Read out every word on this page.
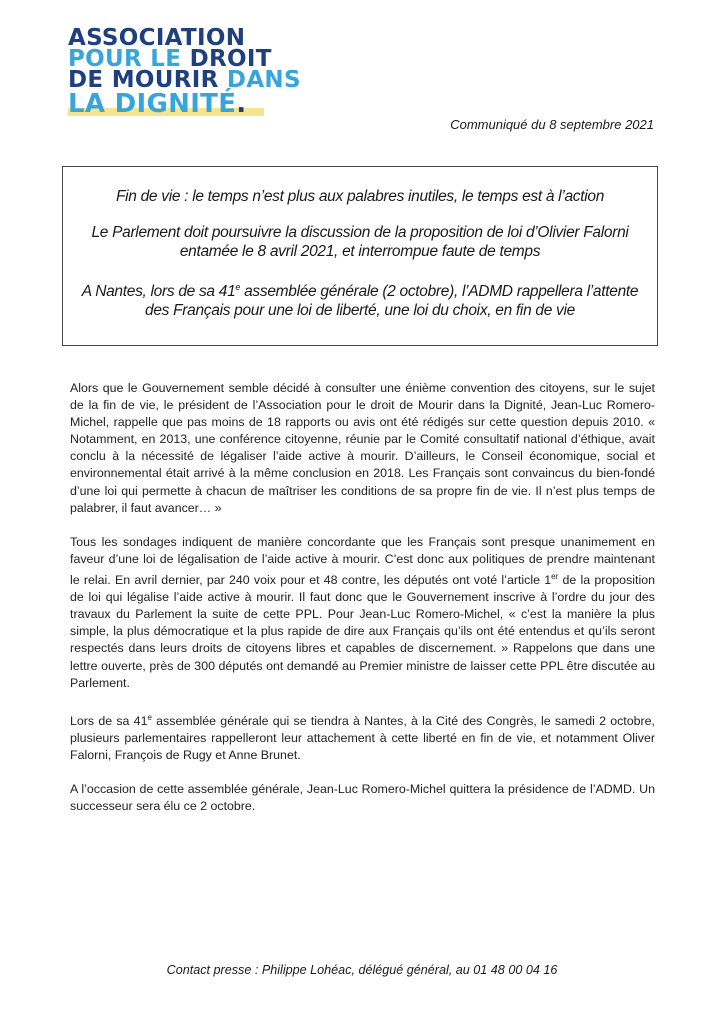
ASSOCIATION
POUR LE DROIT
DE MOURIR DANS
LA DIGNITÉ.
Communiqué du 8 septembre 2021

Fin de vie : le temps n’est plus aux palabres inutiles, le temps est à l’action

Le Parlement doit poursuivre la discussion de la proposition de loi d’Olivier Falorni entamée le 8 avril 2021, et interrompue faute de temps

A Nantes, lors de sa 41e assemblée générale (2 octobre), l’ADMD rappellera l’attente des Français pour une loi de liberté, une loi du choix, en fin de vie

Alors que le Gouvernement semble décidé à consulter une énième convention des citoyens, sur le sujet de la fin de vie, le président de l’Association pour le droit de Mourir dans la Dignité, Jean-Luc Romero-Michel, rappelle que pas moins de 18 rapports ou avis ont été rédigés sur cette question depuis 2010. « Notamment, en 2013, une conférence citoyenne, réunie par le Comité consultatif national d’éthique, avait conclu à la nécessité de légaliser l’aide active à mourir. D’ailleurs, le Conseil économique, social et environnemental était arrivé à la même conclusion en 2018. Les Français sont convaincus du bien-fondé d’une loi qui permette à chacun de maîtriser les conditions de sa propre fin de vie. Il n’est plus temps de palabrer, il faut avancer… »

Tous les sondages indiquent de manière concordante que les Français sont presque unanimement en faveur d’une loi de légalisation de l’aide active à mourir. C’est donc aux politiques de prendre maintenant le relai. En avril dernier, par 240 voix pour et 48 contre, les députés ont voté l’article 1er de la proposition de loi qui légalise l’aide active à mourir. Il faut donc que le Gouvernement inscrive à l’ordre du jour des travaux du Parlement la suite de cette PPL. Pour Jean-Luc Romero-Michel, « c’est la manière la plus simple, la plus démocratique et la plus rapide de dire aux Français qu’ils ont été entendus et qu’ils seront respectés dans leurs droits de citoyens libres et capables de discernement. » Rappelons que dans une lettre ouverte, près de 300 députés ont demandé au Premier ministre de laisser cette PPL être discutée au Parlement.

Lors de sa 41e assemblée générale qui se tiendra à Nantes, à la Cité des Congrès, le samedi 2 octobre, plusieurs parlementaires rappelleront leur attachement à cette liberté en fin de vie, et notamment Oliver Falorni, François de Rugy et Anne Brunet.

A l’occasion de cette assemblée générale, Jean-Luc Romero-Michel quittera la présidence de l’ADMD. Un successeur sera élu ce 2 octobre.

Contact presse : Philippe Lohéac, délégué général, au 01 48 00 04 16
